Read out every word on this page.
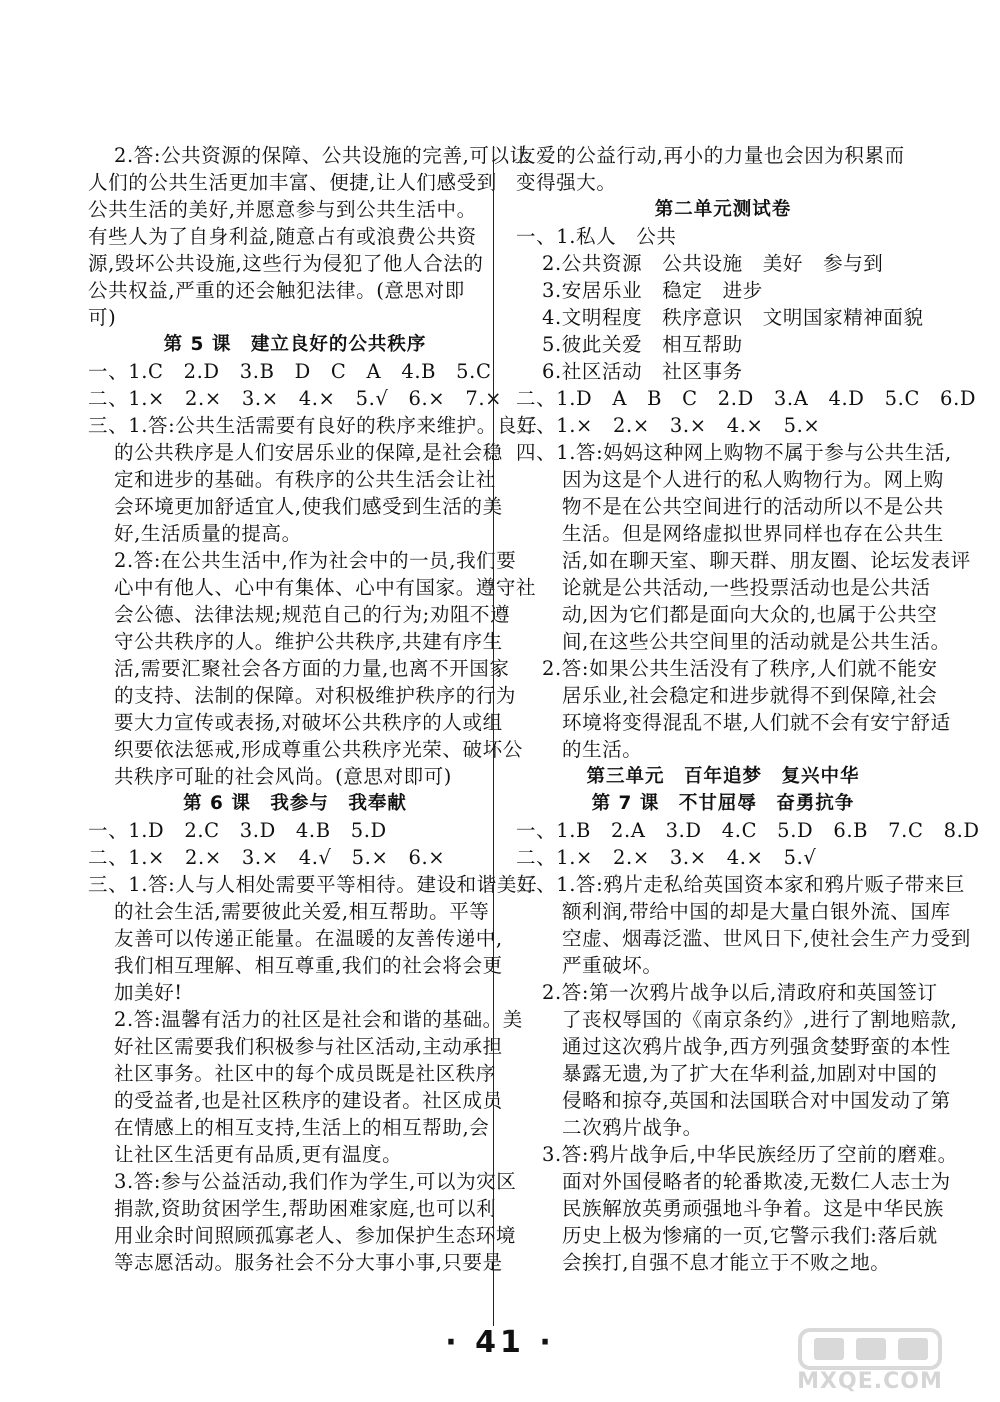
2.答:公共资源的保障、公共设施的完善,可以让
人们的公共生活更加丰富、便捷,让人们感受到
公共生活的美好,并愿意参与到公共生活中。
有些人为了自身利益,随意占有或浪费公共资
源,毁坏公共设施,这些行为侵犯了他人合法的
公共权益,严重的还会触犯法律。(意思对即
可)
第 5 课　建立良好的公共秩序
一、1.C　2.D　3.B　D　C　A　4.B　5.C
二、1.×　2.×　3.×　4.×　5.√　6.×　7.×
三、1.答:公共生活需要有良好的秩序来维护。良好
的公共秩序是人们安居乐业的保障,是社会稳
定和进步的基础。有秩序的公共生活会让社
会环境更加舒适宜人,使我们感受到生活的美
好,生活质量的提高。
2.答:在公共生活中,作为社会中的一员,我们要
心中有他人、心中有集体、心中有国家。遵守社
会公德、法律法规;规范自己的行为;劝阻不遵
守公共秩序的人。维护公共秩序,共建有序生
活,需要汇聚社会各方面的力量,也离不开国家
的支持、法制的保障。对积极维护秩序的行为
要大力宣传或表扬,对破坏公共秩序的人或组
织要依法惩戒,形成尊重公共秩序光荣、破坏公
共秩序可耻的社会风尚。(意思对即可)
第 6 课　我参与　我奉献
一、1.D　2.C　3.D　4.B　5.D
二、1.×　2.×　3.×　4.√　5.×　6.×
三、1.答:人与人相处需要平等相待。建设和谐美好
的社会生活,需要彼此关爱,相互帮助。平等
友善可以传递正能量。在温暖的友善传递中,
我们相互理解、相互尊重,我们的社会将会更
加美好!
2.答:温馨有活力的社区是社会和谐的基础。美
好社区需要我们积极参与社区活动,主动承担
社区事务。社区中的每个成员既是社区秩序
的受益者,也是社区秩序的建设者。社区成员
在情感上的相互支持,生活上的相互帮助,会
让社区生活更有品质,更有温度。
3.答:参与公益活动,我们作为学生,可以为灾区
捐款,资助贫困学生,帮助困难家庭,也可以利
用业余时间照顾孤寡老人、参加保护生态环境
等志愿活动。服务社会不分大事小事,只要是
友爱的公益行动,再小的力量也会因为积累而
变得强大。
第二单元测试卷
一、1.私人　公共
2.公共资源　公共设施　美好　参与到
3.安居乐业　稳定　进步
4.文明程度　秩序意识　文明国家精神面貌
5.彼此关爱　相互帮助
6.社区活动　社区事务
二、1.D　A　B　C　2.D　3.A　4.D　5.C　6.D
三、1.×　2.×　3.×　4.×　5.×
四、1.答:妈妈这种网上购物不属于参与公共生活,
因为这是个人进行的私人购物行为。网上购
物不是在公共空间进行的活动所以不是公共
生活。但是网络虚拟世界同样也存在公共生
活,如在聊天室、聊天群、朋友圈、论坛发表评
论就是公共活动,一些投票活动也是公共活
动,因为它们都是面向大众的,也属于公共空
间,在这些公共空间里的活动就是公共生活。
2.答:如果公共生活没有了秩序,人们就不能安
居乐业,社会稳定和进步就得不到保障,社会
环境将变得混乱不堪,人们就不会有安宁舒适
的生活。
第三单元　百年追梦　复兴中华
第 7 课　不甘屈辱　奋勇抗争
一、1.B　2.A　3.D　4.C　5.D　6.B　7.C　8.D
二、1.×　2.×　3.×　4.×　5.√
三、1.答:鸦片走私给英国资本家和鸦片贩子带来巨
额利润,带给中国的却是大量白银外流、国库
空虚、烟毒泛滥、世风日下,使社会生产力受到
严重破坏。
2.答:第一次鸦片战争以后,清政府和英国签订
了丧权辱国的《南京条约》,进行了割地赔款,
通过这次鸦片战争,西方列强贪婪野蛮的本性
暴露无遗,为了扩大在华利益,加剧对中国的
侵略和掠夺,英国和法国联合对中国发动了第
二次鸦片战争。
3.答:鸦片战争后,中华民族经历了空前的磨难。
面对外国侵略者的轮番欺凌,无数仁人志士为
民族解放英勇顽强地斗争着。这是中华民族
历史上极为惨痛的一页,它警示我们:落后就
会挨打,自强不息才能立于不败之地。
· 41 ·
MXQE.COM
